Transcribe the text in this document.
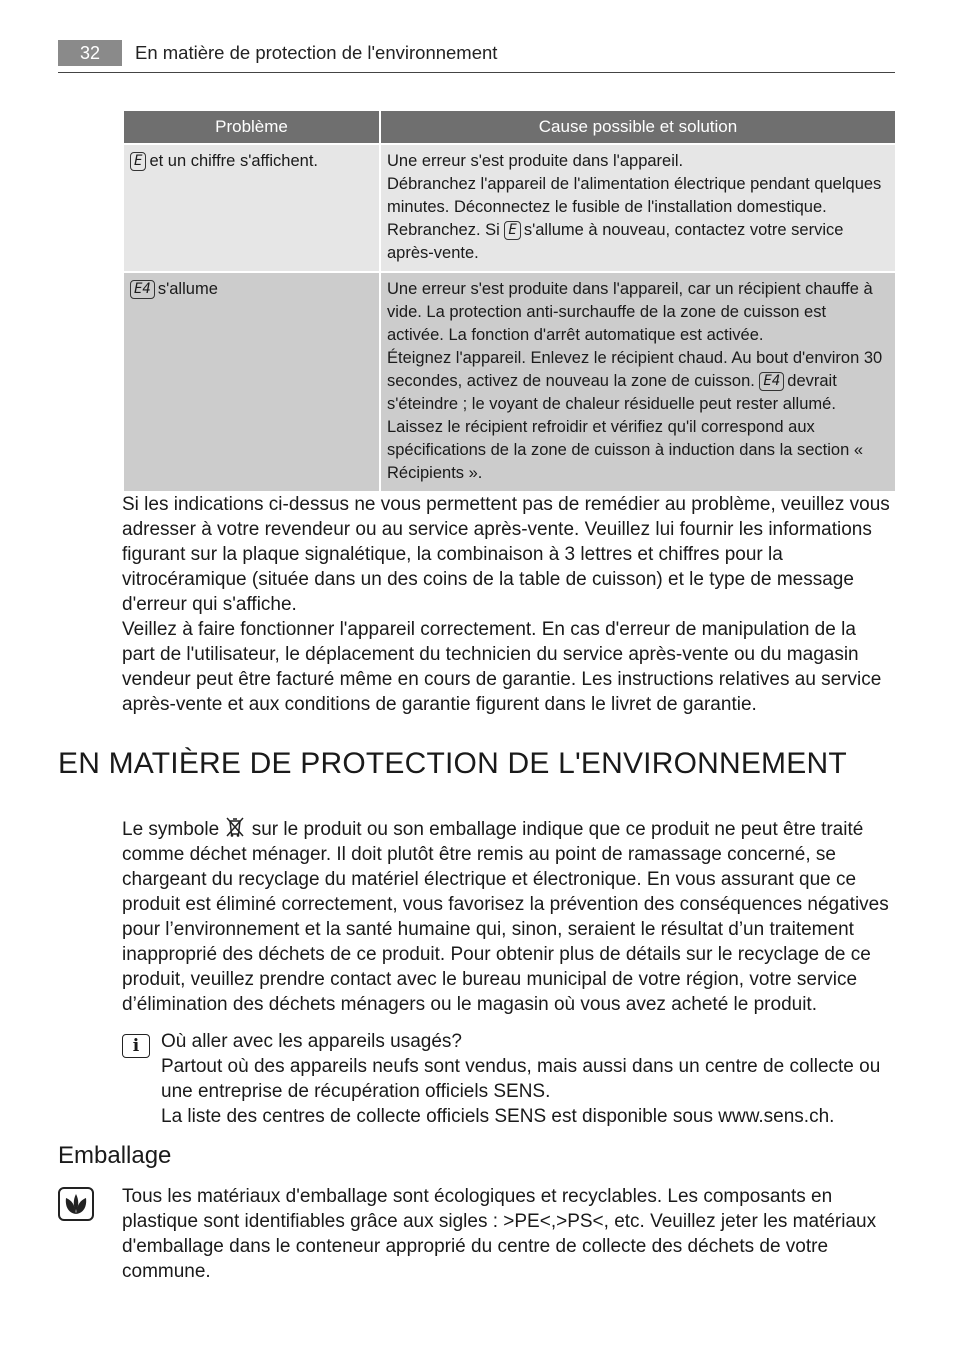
32	En matière de protection de l'environnement
Problème	Cause possible et solution
E et un chiffre s'affichent.	Une erreur s'est produite dans l'appareil.
Débranchez l'appareil de l'alimentation électrique pendant quelques minutes. Déconnectez le fusible de l'installation domestique. Rebranchez. Si E s'allume à nouveau, contactez votre service après-vente.

E4 s'allume	Une erreur s'est produite dans l'appareil, car un récipient chauffe à vide. La protection anti-surchauffe de la zone de cuisson est activée. La fonction d'arrêt automatique est activée.
Éteignez l'appareil. Enlevez le récipient chaud. Au bout d'environ 30 secondes, activez de nouveau la zone de cuisson. E4 devrait s'éteindre ; le voyant de chaleur résiduelle peut rester allumé. Laissez le récipient refroidir et vérifiez qu'il correspond aux spécifications de la zone de cuisson à induction dans la section « Récipients ».

Si les indications ci-dessus ne vous permettent pas de remédier au problème, veuillez vous adresser à votre revendeur ou au service après-vente. Veuillez lui fournir les informations figurant sur la plaque signalétique, la combinaison à 3 lettres et chiffres pour la vitrocéramique (située dans un des coins de la table de cuisson) et le type de message d'erreur qui s'affiche.

Veillez à faire fonctionner l'appareil correctement. En cas d'erreur de manipulation de la part de l'utilisateur, le déplacement du technicien du service après-vente ou du magasin vendeur peut être facturé même en cours de garantie. Les instructions relatives au service après-vente et aux conditions de garantie figurent dans le livret de garantie.

EN MATIÈRE DE PROTECTION DE L'ENVIRONNEMENT

Le symbole sur le produit ou son emballage indique que ce produit ne peut être traité comme déchet ménager. Il doit plutôt être remis au point de ramassage concerné, se chargeant du recyclage du matériel électrique et électronique. En vous assurant que ce produit est éliminé correctement, vous favorisez la prévention des conséquences négatives pour l’environnement et la santé humaine qui, sinon, seraient le résultat d’un traitement inapproprié des déchets de ce produit. Pour obtenir plus de détails sur le recyclage de ce produit, veuillez prendre contact avec le bureau municipal de votre région, votre service d’élimination des déchets ménagers ou le magasin où vous avez acheté le produit.

i	Où aller avec les appareils usagés?
Partout où des appareils neufs sont vendus, mais aussi dans un centre de collecte ou une entreprise de récupération officiels SENS.
La liste des centres de collecte officiels SENS est disponible sous www.sens.ch.
Emballage

Tous les matériaux d'emballage sont écologiques et recyclables. Les composants en plastique sont identifiables grâce aux sigles : >PE<,>PS<, etc. Veuillez jeter les matériaux d'emballage dans le conteneur approprié du centre de collecte des déchets de votre commune.
